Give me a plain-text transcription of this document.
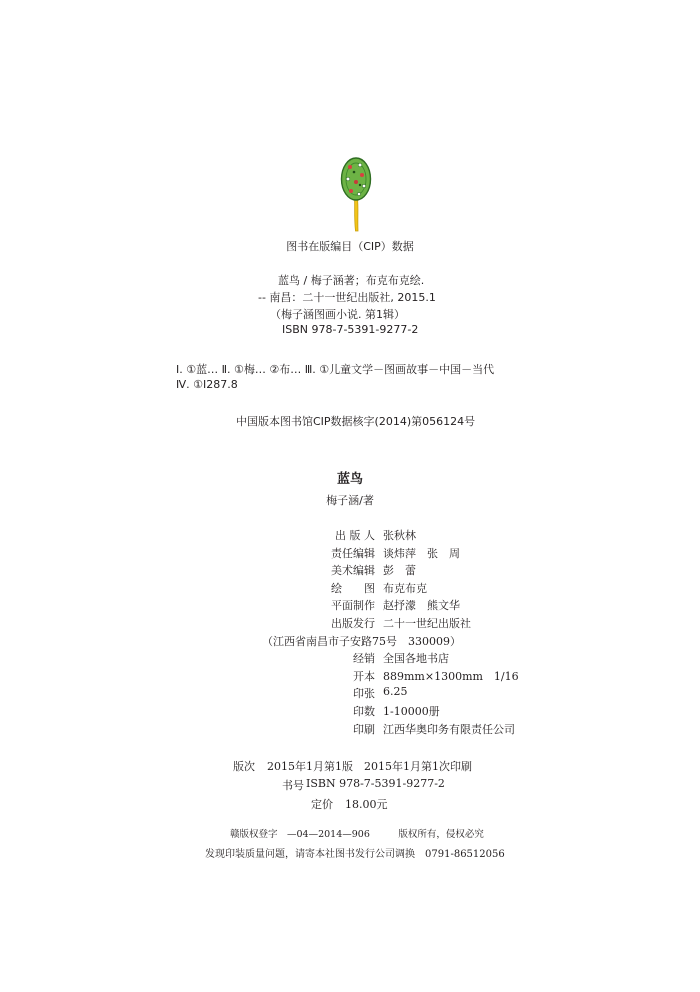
图书在版编目（CIP）数据
蓝鸟 / 梅子涵著；布克布克绘.
-- 南昌：二十一世纪出版社, 2015.1
（梅子涵图画小说. 第1辑）
ISBN 978-7-5391-9277-2
Ⅰ. ①蓝… Ⅱ. ①梅… ②布… Ⅲ. ①儿童文学－图画故事－中国－当代
Ⅳ. ①I287.8
中国版本图书馆CIP数据核字(2014)第056124号
蓝鸟
梅子涵/著
出 版 人 张秋林
责任编辑 谈炜萍　张　周
美术编辑 彭　蕾
绘　　图 布克布克
平面制作 赵抒濛　熊文华
出版发行 二十一世纪出版社
（江西省南昌市子安路75号　330009）
经销 全国各地书店
开本 889mm×1300mm　1/16
印张 6.25
印数 1-10000册
印刷 江西华奥印务有限责任公司
版次 2015年1月第1版　2015年1月第1次印刷
书号 ISBN 978-7-5391-9277-2
定价 18.00元
赣版权登字　—04—2014—906　　　版权所有，侵权必究
发现印装质量问题，请寄本社图书发行公司调换　0791-86512056
